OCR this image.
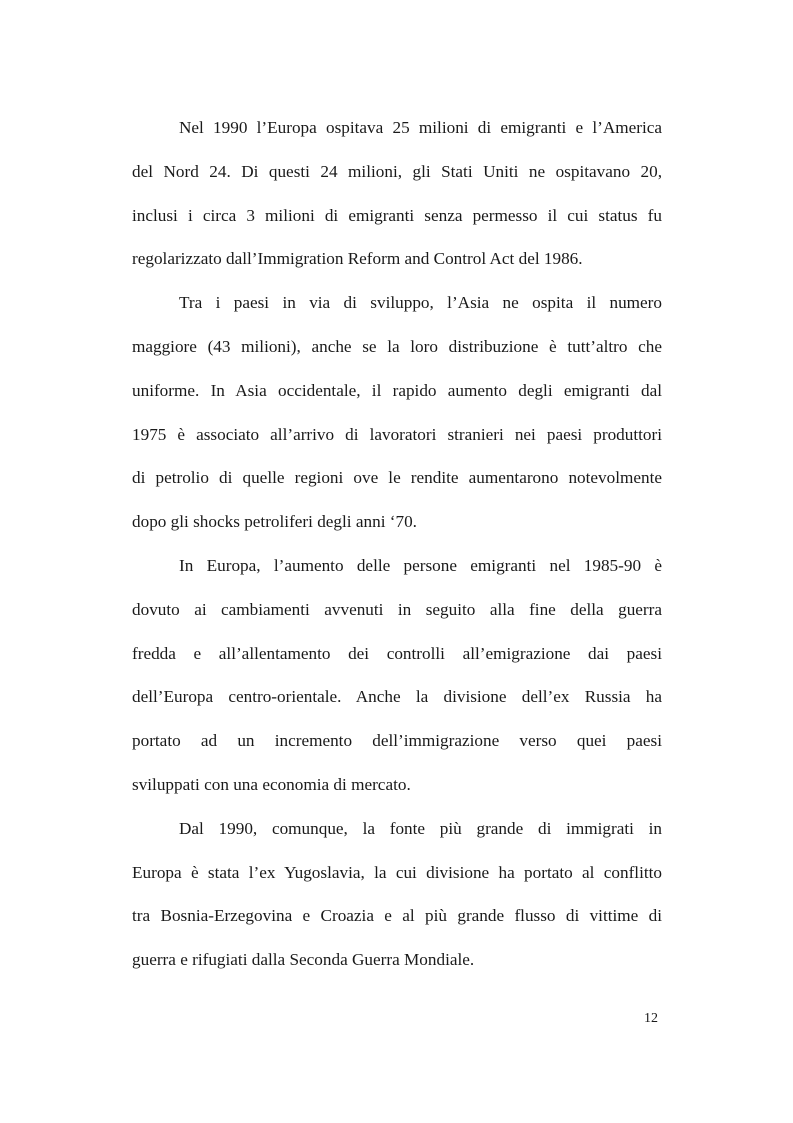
Nel 1990 l’Europa ospitava 25 milioni di emigranti e l’America
del Nord 24. Di questi 24 milioni, gli Stati Uniti ne ospitavano 20,
inclusi i circa 3 milioni di emigranti senza permesso il cui status fu
regolarizzato dall’Immigration Reform and Control Act del 1986.
Tra i paesi in via di sviluppo, l’Asia ne ospita il numero
maggiore (43 milioni), anche se la loro distribuzione è tutt’altro che
uniforme. In Asia occidentale, il rapido aumento degli emigranti dal
1975 è associato all’arrivo di lavoratori stranieri nei paesi produttori
di petrolio di quelle regioni ove le rendite aumentarono notevolmente
dopo gli shocks petroliferi degli anni ‘70.
In Europa, l’aumento delle persone emigranti nel 1985-90 è
dovuto ai cambiamenti avvenuti in seguito alla fine della guerra
fredda e all’allentamento dei controlli all’emigrazione dai paesi
dell’Europa centro-orientale. Anche la divisione dell’ex Russia ha
portato ad un incremento dell’immigrazione verso quei paesi
sviluppati con una economia di mercato.
Dal 1990, comunque, la fonte più grande di immigrati in
Europa è stata l’ex Yugoslavia, la cui divisione ha portato al conflitto
tra Bosnia-Erzegovina e Croazia e al più grande flusso di vittime di
guerra e rifugiati dalla Seconda Guerra Mondiale.
12
